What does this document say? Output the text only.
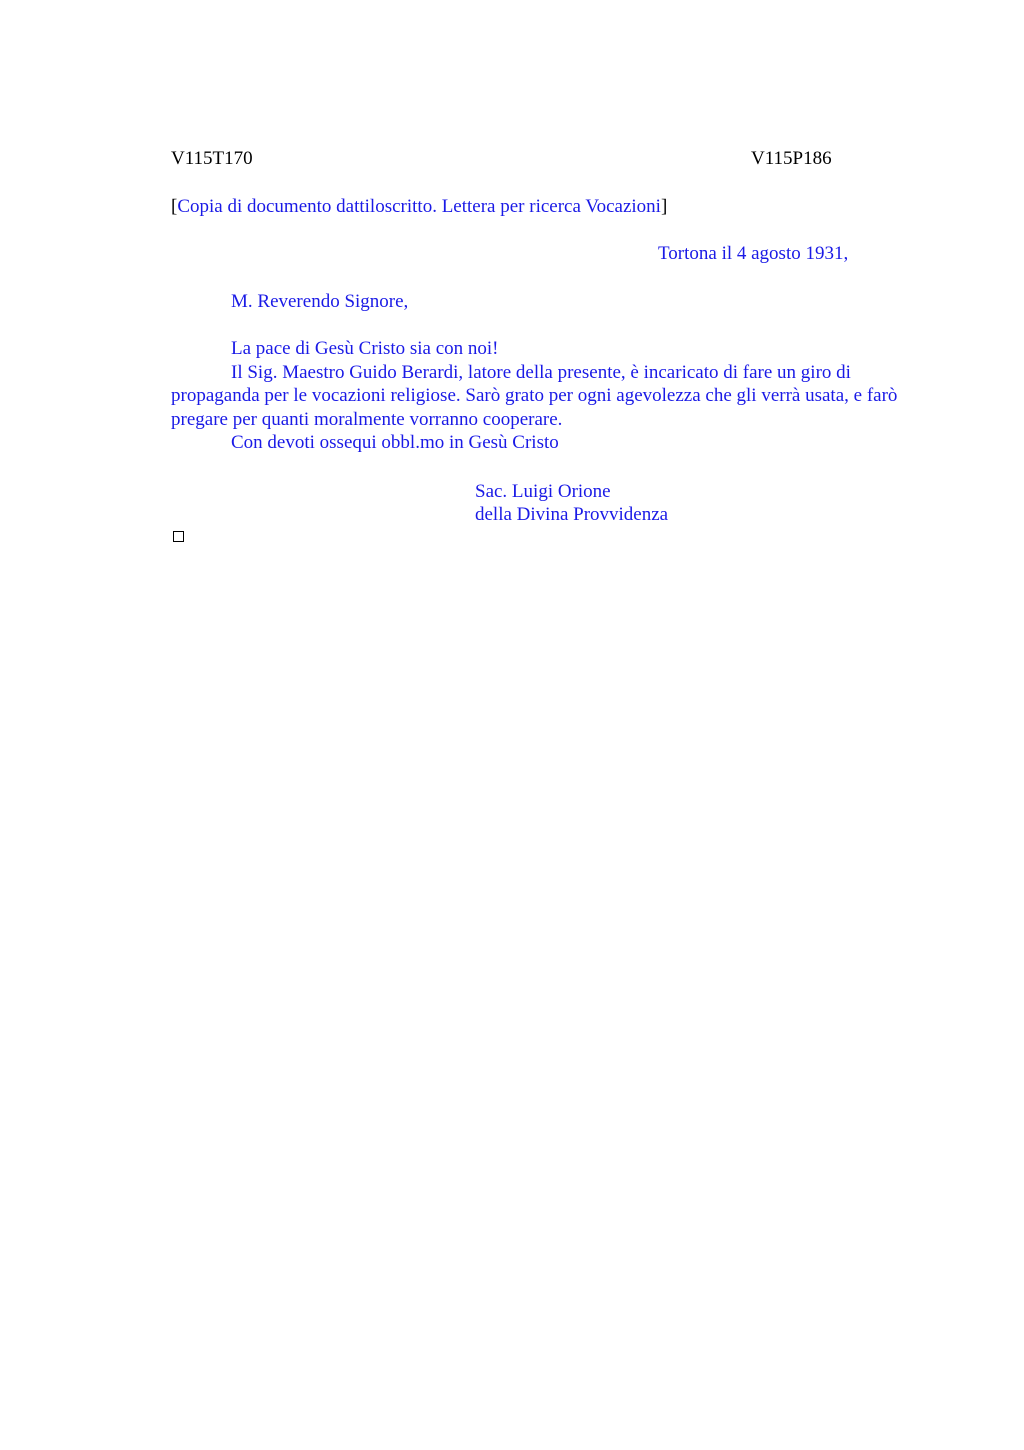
V115T170	V115P186
[Copia di documento dattiloscritto. Lettera per ricerca Vocazioni]
Tortona il 4 agosto 1931,
M. Reverendo Signore,

La pace di Gesù Cristo sia con noi!

Il Sig. Maestro Guido Berardi, latore della presente, è incaricato di fare un giro di propaganda per le vocazioni religiose. Sarò grato per ogni agevolezza che gli verrà usata, e farò pregare per quanti moralmente vorranno cooperare.

Con devoti ossequi obbl.mo in Gesù Cristo

Sac. Luigi Orione
della Divina Provvidenza
